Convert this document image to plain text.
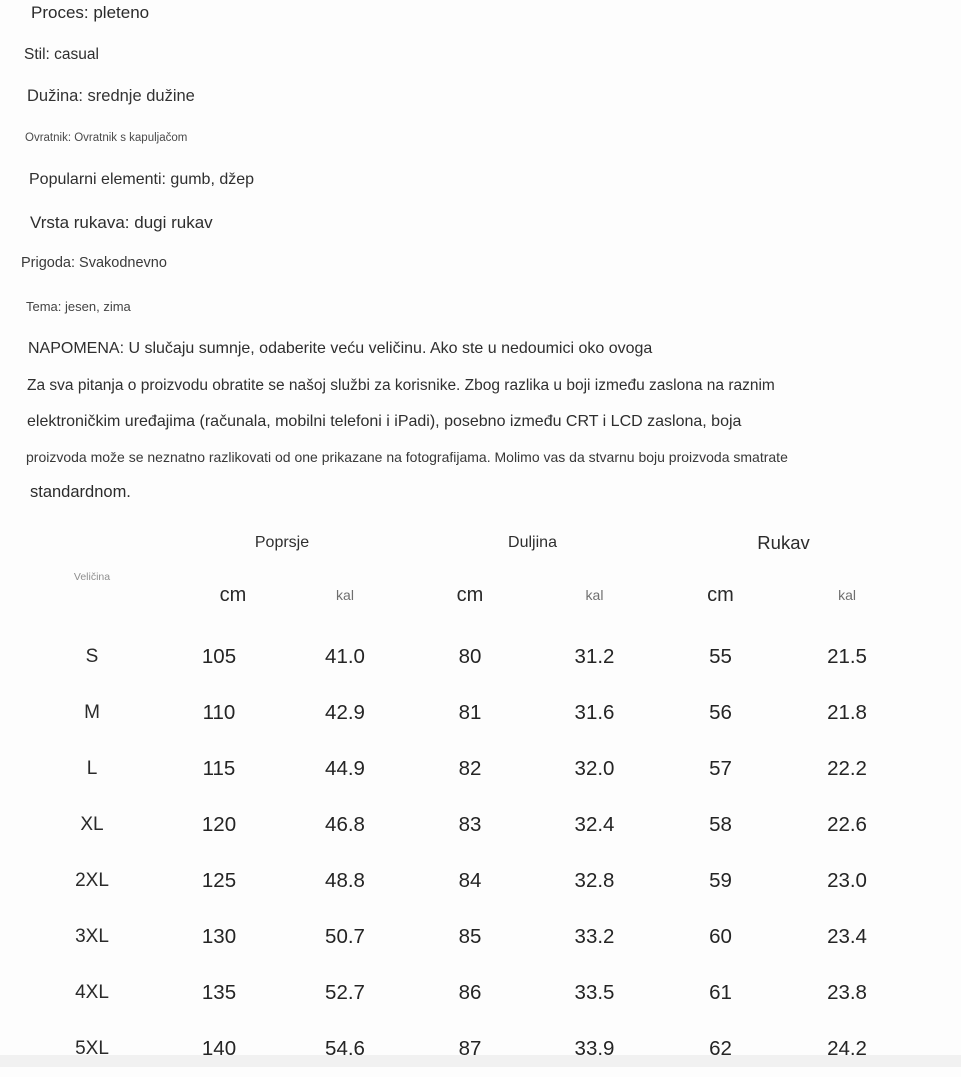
Proces: pleteno
Stil: casual
Dužina: srednje dužine
Ovratnik: Ovratnik s kapuljačom
Popularni elementi: gumb, džep
Vrsta rukava: dugi rukav
Prigoda: Svakodnevno
Tema: jesen, zima
NAPOMENA: U slučaju sumnje, odaberite veću veličinu. Ako ste u nedoumici oko ovoga
Za sva pitanja o proizvodu obratite se našoj službi za korisnike. Zbog razlika u boji između zaslona na raznim
elektroničkim uređajima (računala, mobilni telefoni i iPadi), posebno između CRT i LCD zaslona, boja
proizvoda može se neznatno razlikovati od one prikazane na fotografijama. Molimo vas da stvarnu boju proizvoda smatrate
standardnom.
Veličina	Poprsje		Duljina		Rukav	
	cm	kal	cm	kal	cm	kal
S	105	41.0	80	31.2	55	21.5
M	110	42.9	81	31.6	56	21.8
L	115	44.9	82	32.0	57	22.2
XL	120	46.8	83	32.4	58	22.6
2XL	125	48.8	84	32.8	59	23.0
3XL	130	50.7	85	33.2	60	23.4
4XL	135	52.7	86	33.5	61	23.8
5XL	140	54.6	87	33.9	62	24.2
